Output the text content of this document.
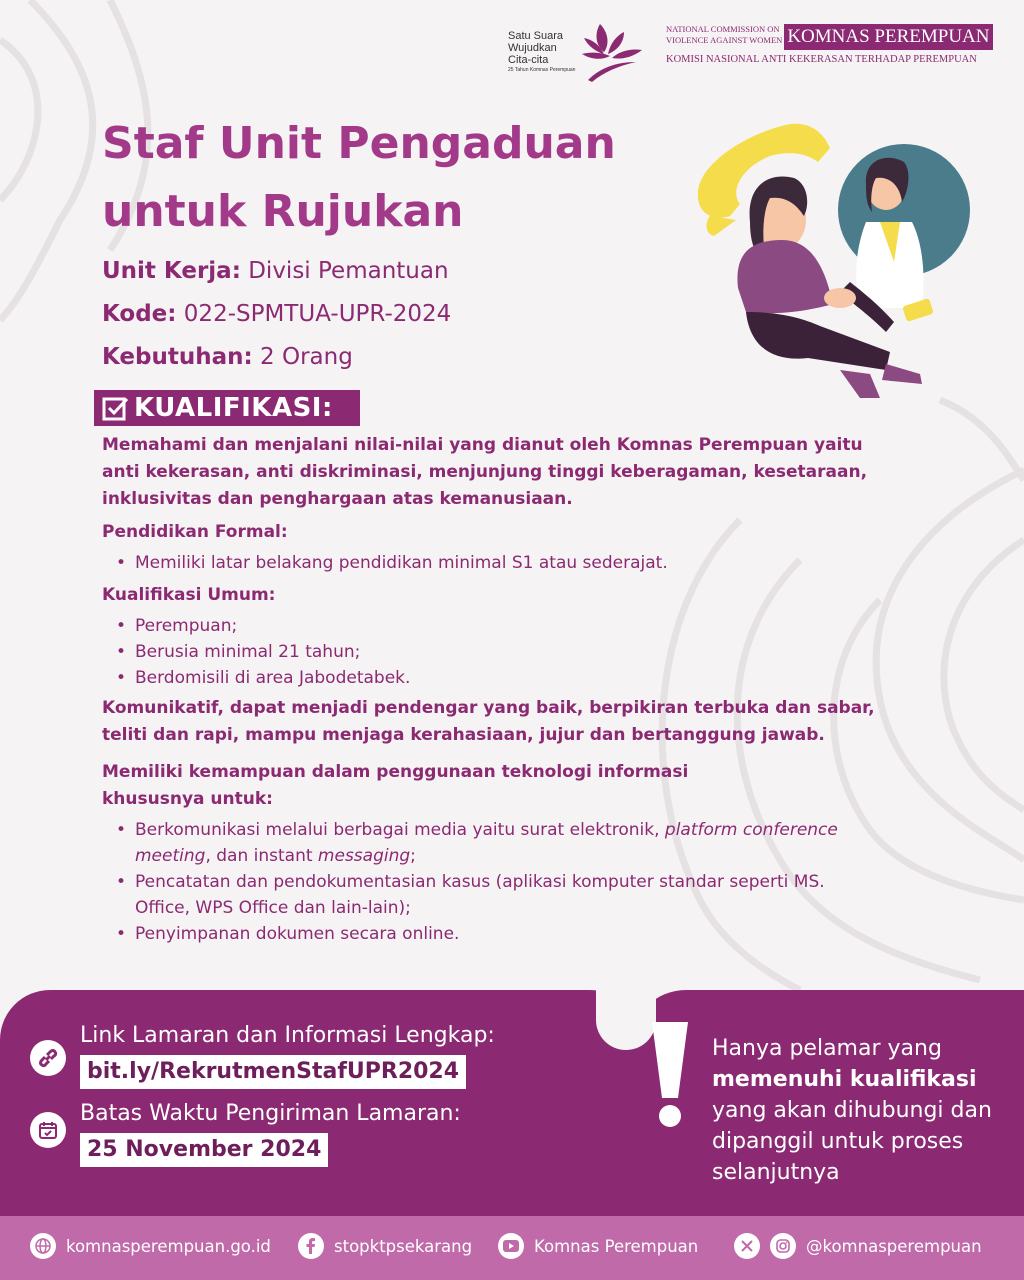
Satu Suara
Wujudkan
Cita-cita
25 Tahun Komnas Perempuan
NATIONAL COMMISSION ON
VIOLENCE AGAINST WOMEN KOMNAS PEREMPUAN
KOMISI NASIONAL ANTI KEKERASAN TERHADAP PEREMPUAN
Staf Unit Pengaduan
untuk Rujukan
Unit Kerja: Divisi Pemantuan
Kode: 022-SPMTUA-UPR-2024
Kebutuhan: 2 Orang
KUALIFIKASI:
Memahami dan menjalani nilai-nilai yang dianut oleh Komnas Perempuan yaitu anti kekerasan, anti diskriminasi, menjunjung tinggi keberagaman, kesetaraan, inklusivitas dan penghargaan atas kemanusiaan.
Pendidikan Formal:
• Memiliki latar belakang pendidikan minimal S1 atau sederajat.
Kualifikasi Umum:
• Perempuan;
• Berusia minimal 21 tahun;
• Berdomisili di area Jabodetabek.
Komunikatif, dapat menjadi pendengar yang baik, berpikiran terbuka dan sabar, teliti dan rapi, mampu menjaga kerahasiaan, jujur dan bertanggung jawab.
Memiliki kemampuan dalam penggunaan teknologi informasi khususnya untuk:
• Berkomunikasi melalui berbagai media yaitu surat elektronik, platform conference meeting, dan instant messaging;
• Pencatatan dan pendokumentasian kasus (aplikasi komputer standar seperti MS. Office, WPS Office dan lain-lain);
• Penyimpanan dokumen secara online.
Link Lamaran dan Informasi Lengkap:
bit.ly/RekrutmenStafUPR2024
Batas Waktu Pengiriman Lamaran:
25 November 2024
Hanya pelamar yang memenuhi kualifikasi yang akan dihubungi dan dipanggil untuk proses selanjutnya
komnasperempuan.go.id	stopktpsekarang	Komnas Perempuan	@komnasperempuan
